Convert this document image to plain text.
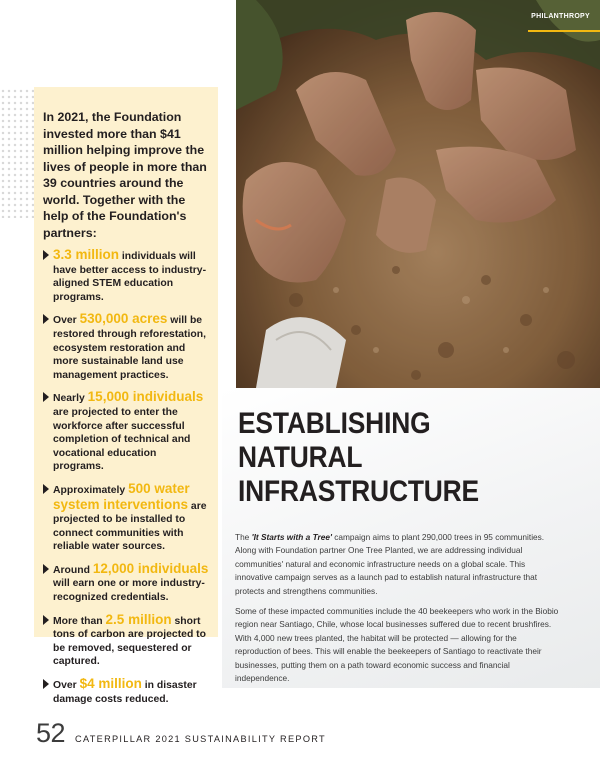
In 2021, the Foundation invested more than $41 million helping improve the lives of people in more than 39 countries around the world. Together with the help of the Foundation's partners:

3.3 million individuals will have better access to industry-aligned STEM education programs.
Over 530,000 acres will be restored through reforestation, ecosystem restoration and more sustainable land use management practices.
Nearly 15,000 individuals are projected to enter the workforce after successful completion of technical and vocational education programs.
Approximately 500 water system interventions are projected to be installed to connect communities with reliable water sources.
Around 12,000 individuals will earn one or more industry-recognized credentials.
More than 2.5 million short tons of carbon are projected to be removed, sequestered or captured.
Over $4 million in disaster damage costs reduced.
PHILANTHROPY
ESTABLISHING NATURAL INFRASTRUCTURE

The 'It Starts with a Tree' campaign aims to plant 290,000 trees in 95 communities. Along with Foundation partner One Tree Planted, we are addressing individual communities' natural and economic infrastructure needs on a global scale. This innovative campaign serves as a launch pad to establish natural infrastructure that protects and strengthens communities.

Some of these impacted communities include the 40 beekeepers who work in the Biobio region near Santiago, Chile, whose local businesses suffered due to recent brushfires. With 4,000 new trees planted, the habitat will be protected — allowing for the reproduction of bees. This will enable the beekeepers of Santiago to reactivate their businesses, putting them on a path toward economic success and financial independence.

52 CATERPILLAR 2021 SUSTAINABILITY REPORT
